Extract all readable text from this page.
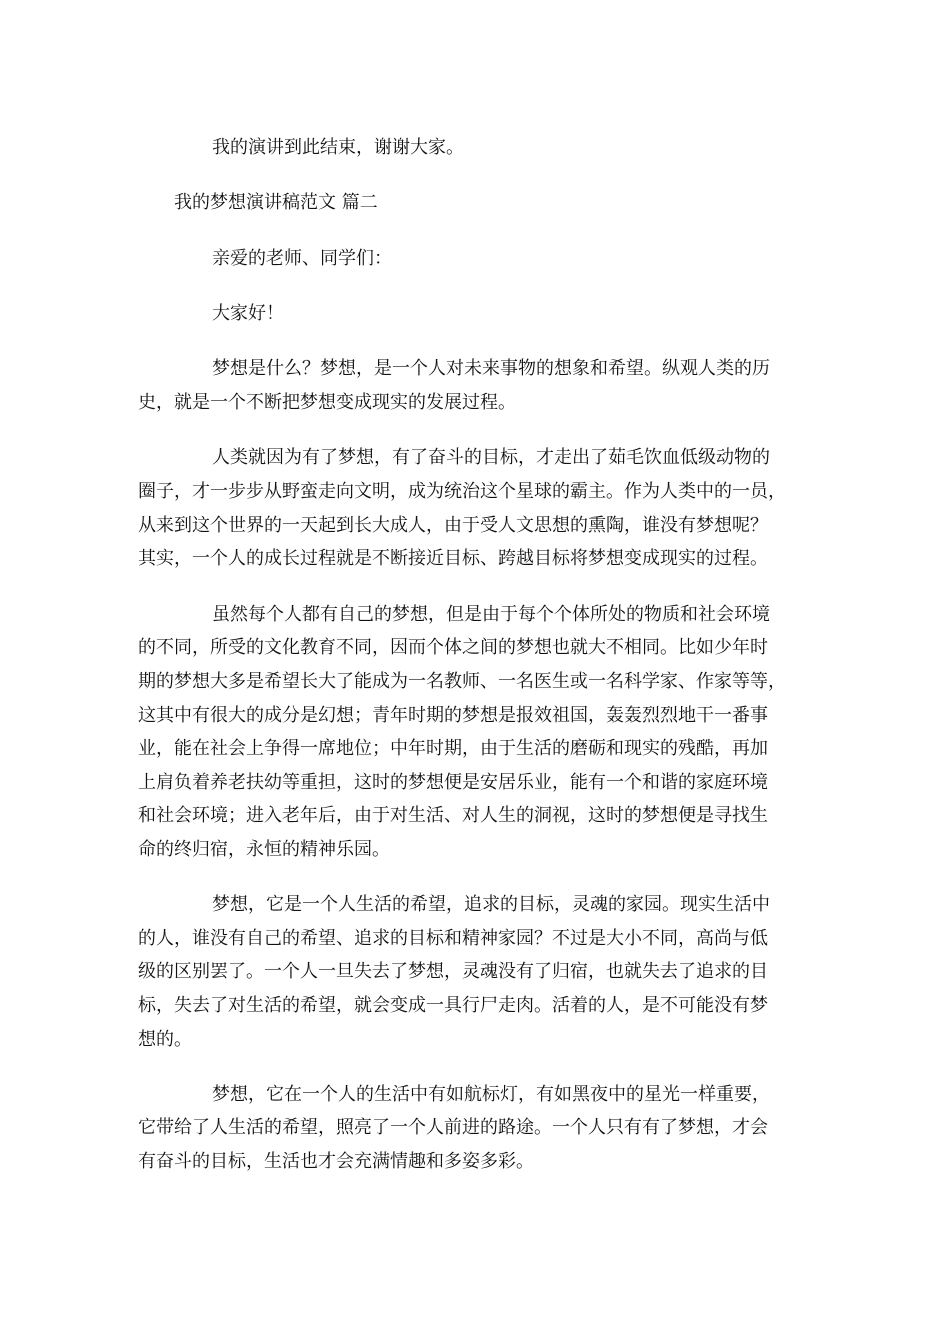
我的演讲到此结束，谢谢大家。
我的梦想演讲稿范文 篇二
亲爱的老师、同学们：
大家好！
梦想是什么？梦想，是一个人对未来事物的想象和希望。纵观人类的历
史，就是一个不断把梦想变成现实的发展过程。
人类就因为有了梦想，有了奋斗的目标，才走出了茹毛饮血低级动物的
圈子，才一步步从野蛮走向文明，成为统治这个星球的霸主。作为人类中的一员，
从来到这个世界的一天起到长大成人，由于受人文思想的熏陶，谁没有梦想呢？
其实，一个人的成长过程就是不断接近目标、跨越目标将梦想变成现实的过程。
虽然每个人都有自己的梦想，但是由于每个个体所处的物质和社会环境
的不同，所受的文化教育不同，因而个体之间的梦想也就大不相同。比如少年时
期的梦想大多是希望长大了能成为一名教师、一名医生或一名科学家、作家等等，
这其中有很大的成分是幻想；青年时期的梦想是报效祖国，轰轰烈烈地干一番事
业，能在社会上争得一席地位；中年时期，由于生活的磨砺和现实的残酷，再加
上肩负着养老扶幼等重担，这时的梦想便是安居乐业，能有一个和谐的家庭环境
和社会环境；进入老年后，由于对生活、对人生的洞视，这时的梦想便是寻找生
命的终归宿，永恒的精神乐园。
梦想，它是一个人生活的希望，追求的目标，灵魂的家园。现实生活中
的人，谁没有自己的希望、追求的目标和精神家园？不过是大小不同，高尚与低
级的区别罢了。一个人一旦失去了梦想，灵魂没有了归宿，也就失去了追求的目
标，失去了对生活的希望，就会变成一具行尸走肉。活着的人，是不可能没有梦
想的。
梦想，它在一个人的生活中有如航标灯，有如黑夜中的星光一样重要，
它带给了人生活的希望，照亮了一个人前进的路途。一个人只有有了梦想，才会
有奋斗的目标，生活也才会充满情趣和多姿多彩。
